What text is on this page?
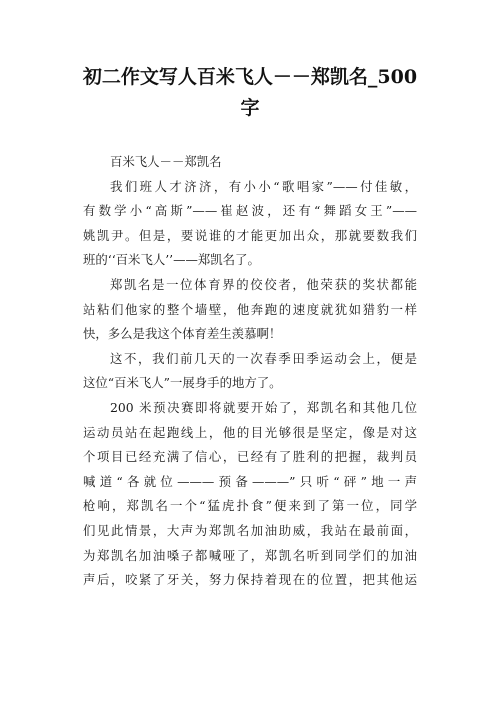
初二作文写人百米飞人－－郑凯名_500
字
百米飞人－－郑凯名
我们班人才济济，有小小“歌唱家”——付佳敏，
有数学小“高斯”——崔赵波，还有“舞蹈女王”——
姚凯尹。但是，要说谁的才能更加出众，那就要数我们
班的‘‘百米飞人’’——郑凯名了。
郑凯名是一位体育界的佼佼者，他荣获的奖状都能
站粘们他家的整个墙壁，他奔跑的速度就犹如猎豹一样
快，多么是我这个体育差生羡慕啊！
这不，我们前几天的一次春季田季运动会上，便是
这位“百米飞人”一展身手的地方了。
200 米预决赛即将就要开始了，郑凯名和其他几位
运动员站在起跑线上，他的目光够很是坚定，像是对这
个项目已经充满了信心，已经有了胜利的把握，裁判员
喊道“各就位———预备———”只听“砰”地一声
枪响，郑凯名一个“猛虎扑食”便来到了第一位，同学
们见此情景，大声为郑凯名加油助威，我站在最前面，
为郑凯名加油嗓子都喊哑了，郑凯名听到同学们的加油
声后，咬紧了牙关，努力保持着现在的位置，把其他运
